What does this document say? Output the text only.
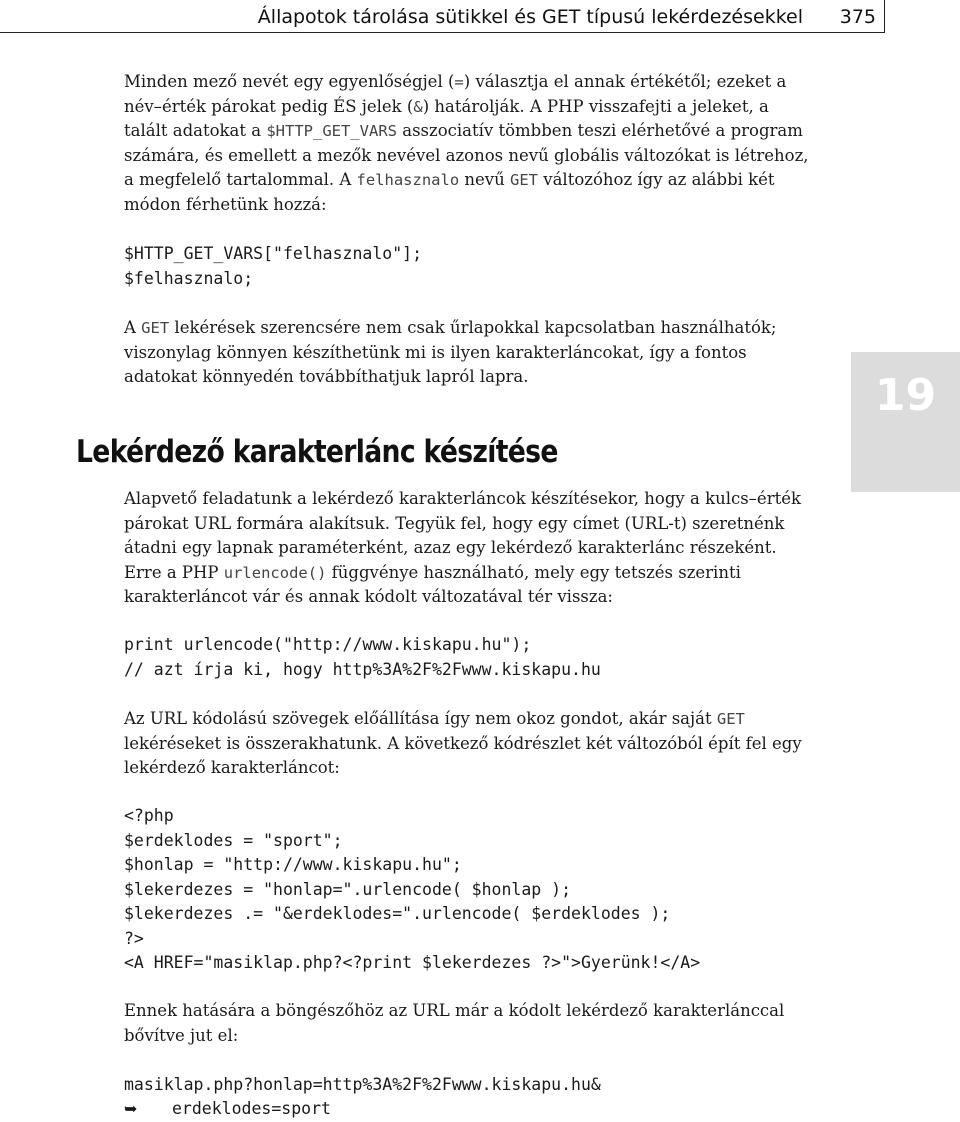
Állapotok tárolása sütikkel és GET típusú lekérdezésekkel 375
19

Minden mező nevét egy egyenlőségjel (=) választja el annak értékétől; ezeket a név–érték párokat pedig ÉS jelek (&) határolják. A PHP visszafejti a jeleket, a talált adatokat a $HTTP_GET_VARS asszociatív tömbben teszi elérhetővé a program számára, és emellett a mezők nevével azonos nevű globális változókat is létrehoz, a megfelelő tartalommal. A felhasznalo nevű GET változóhoz így az alábbi két módon férhetünk hozzá:

$HTTP_GET_VARS["felhasznalo"];
$felhasznalo;

A GET lekérések szerencsére nem csak űrlapokkal kapcsolatban használhatók; viszonylag könnyen készíthetünk mi is ilyen karakterláncokat, így a fontos adatokat könnyedén továbbíthatjuk lapról lapra.

Lekérdező karakterlánc készítése

Alapvető feladatunk a lekérdező karakterláncok készítésekor, hogy a kulcs–érték párokat URL formára alakítsuk. Tegyük fel, hogy egy címet (URL-t) szeretnénk átadni egy lapnak paraméterként, azaz egy lekérdező karakterlánc részeként. Erre a PHP urlencode() függvénye használható, mely egy tetszés szerinti karakterláncot vár és annak kódolt változatával tér vissza:

print urlencode("http://www.kiskapu.hu");
// azt írja ki, hogy http%3A%2F%2Fwww.kiskapu.hu

Az URL kódolású szövegek előállítása így nem okoz gondot, akár saját GET lekéréseket is összerakhatunk. A következő kódrészlet két változóból épít fel egy lekérdező karakterláncot:

<?php
$erdeklodes = "sport";
$honlap = "http://www.kiskapu.hu";
$lekerdezes = "honlap=".urlencode( $honlap );
$lekerdezes .= "&erdeklodes=".urlencode( $erdeklodes );
?>
<A HREF="masiklap.php?<?print $lekerdezes ?>">Gyerünk!</A>

Ennek hatására a böngészőhöz az URL már a kódolt lekérdező karakterlánccal bővítve jut el:

masiklap.php?honlap=http%3A%2F%2Fwww.kiskapu.hu&
➥	erdeklodes=sport
